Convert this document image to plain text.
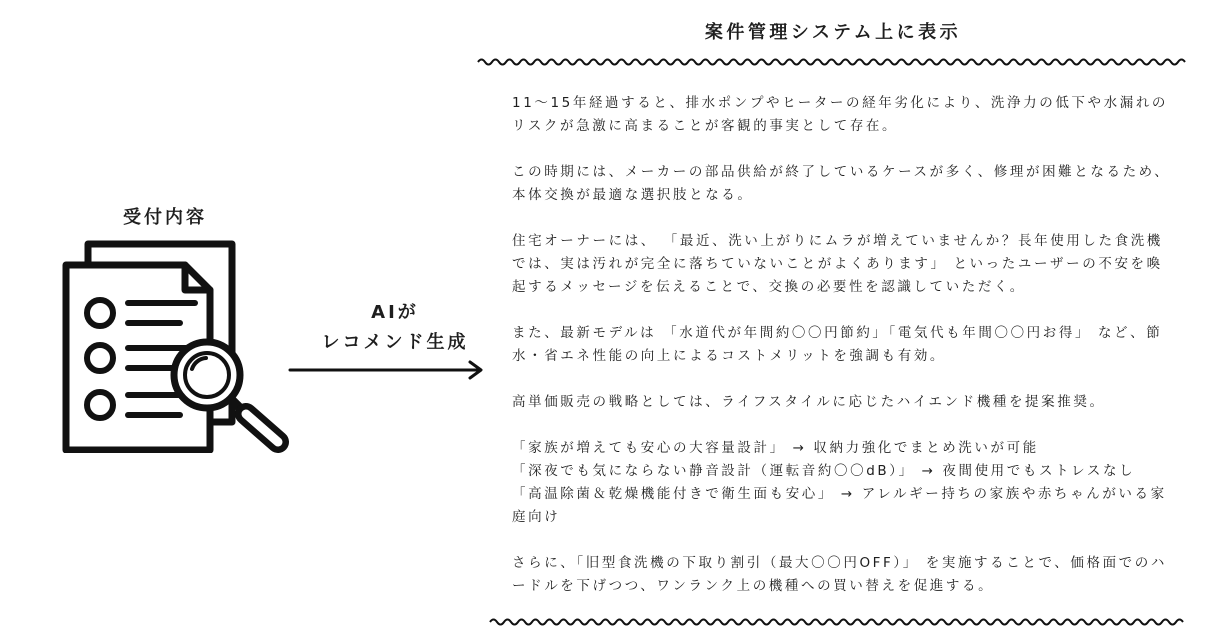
受付内容
AIが
レコメンド生成
案件管理システム上に表示

11〜15年経過すると、排水ポンプやヒーターの経年劣化により、洗浄力の低下や水漏れの
リスクが急激に高まることが客観的事実として存在。

この時期には、メーカーの部品供給が終了しているケースが多く、修理が困難となるため、
本体交換が最適な選択肢となる。

住宅オーナーには、 「最近、洗い上がりにムラが増えていませんか？長年使用した食洗機
では、実は汚れが完全に落ちていないことがよくあります」 といったユーザーの不安を喚
起するメッセージを伝えることで、交換の必要性を認識していただく。

また、最新モデルは 「水道代が年間約〇〇円節約」「電気代も年間〇〇円お得」 など、節
水・省エネ性能の向上によるコストメリットを強調も有効。

高単価販売の戦略としては、ライフスタイルに応じたハイエンド機種を提案推奨。

「家族が増えても安心の大容量設計」 → 収納力強化でまとめ洗いが可能
「深夜でも気にならない静音設計（運転音約〇〇dB）」 → 夜間使用でもストレスなし
「高温除菌＆乾燥機能付きで衛生面も安心」 → アレルギー持ちの家族や赤ちゃんがいる家
庭向け

さらに、「旧型食洗機の下取り割引（最大〇〇円OFF）」 を実施することで、価格面でのハ
ードルを下げつつ、ワンランク上の機種への買い替えを促進する。
